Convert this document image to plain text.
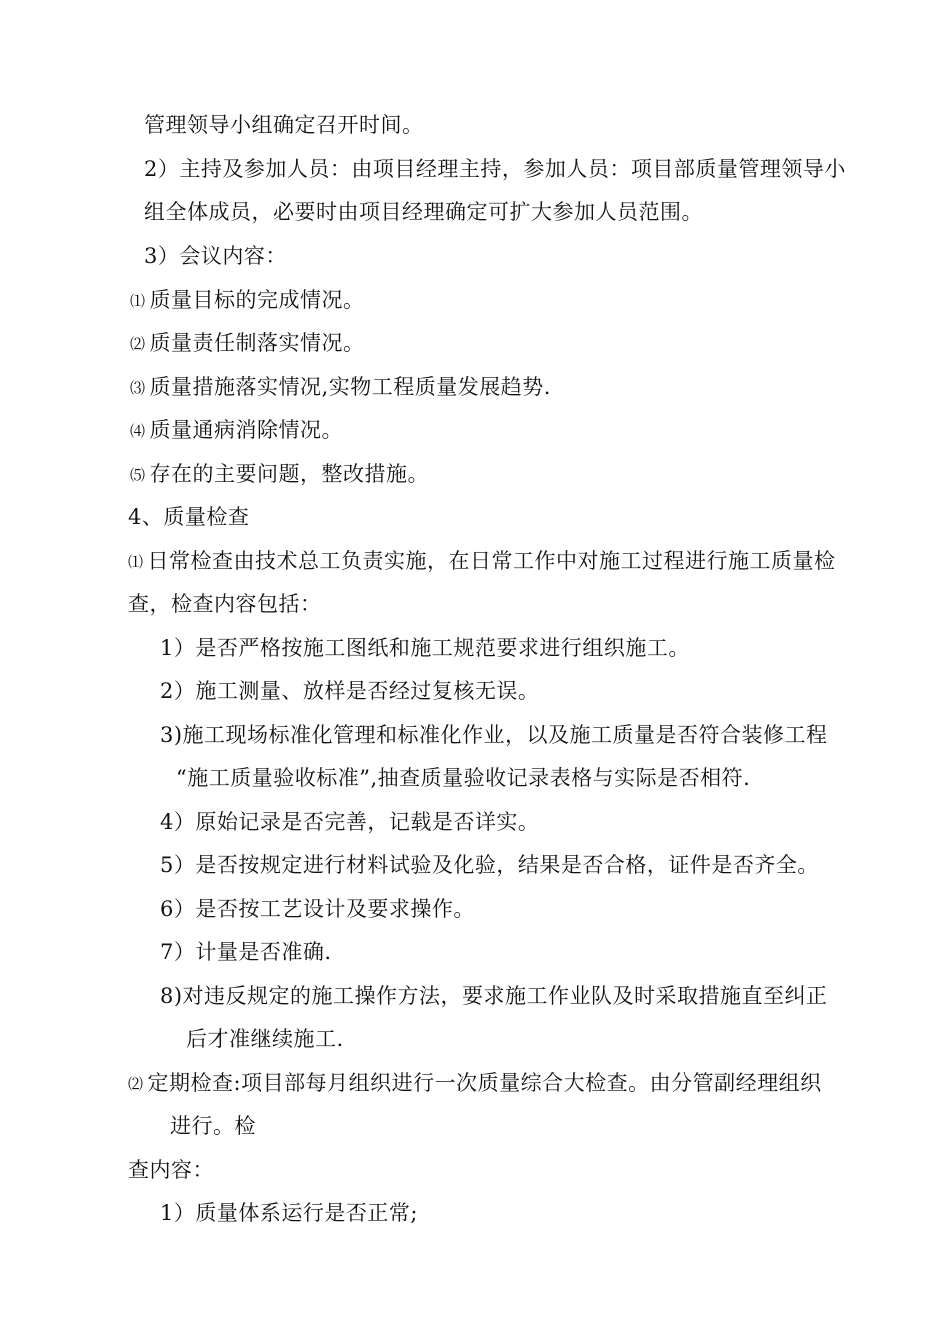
管理领导小组确定召开时间。
2）主持及参加人员：由项目经理主持，参加人员：项目部质量管理领导小
组全体成员，必要时由项目经理确定可扩大参加人员范围。
3）会议内容：
⑴ 质量目标的完成情况。
⑵ 质量责任制落实情况。
⑶ 质量措施落实情况,实物工程质量发展趋势.
⑷ 质量通病消除情况。
⑸ 存在的主要问题，整改措施。
4、质量检查
⑴ 日常检查由技术总工负责实施，在日常工作中对施工过程进行施工质量检
查，检查内容包括：
1）是否严格按施工图纸和施工规范要求进行组织施工。
2）施工测量、放样是否经过复核无误。
3)施工现场标准化管理和标准化作业，以及施工质量是否符合装修工程
“施工质量验收标准”,抽查质量验收记录表格与实际是否相符.
4）原始记录是否完善，记载是否详实。
5）是否按规定进行材料试验及化验，结果是否合格，证件是否齐全。
6）是否按工艺设计及要求操作。
7）计量是否准确.
8)对违反规定的施工操作方法，要求施工作业队及时采取措施直至纠正
后才准继续施工.
⑵ 定期检查:项目部每月组织进行一次质量综合大检查。由分管副经理组织
进行。检
查内容：
1）质量体系运行是否正常;
